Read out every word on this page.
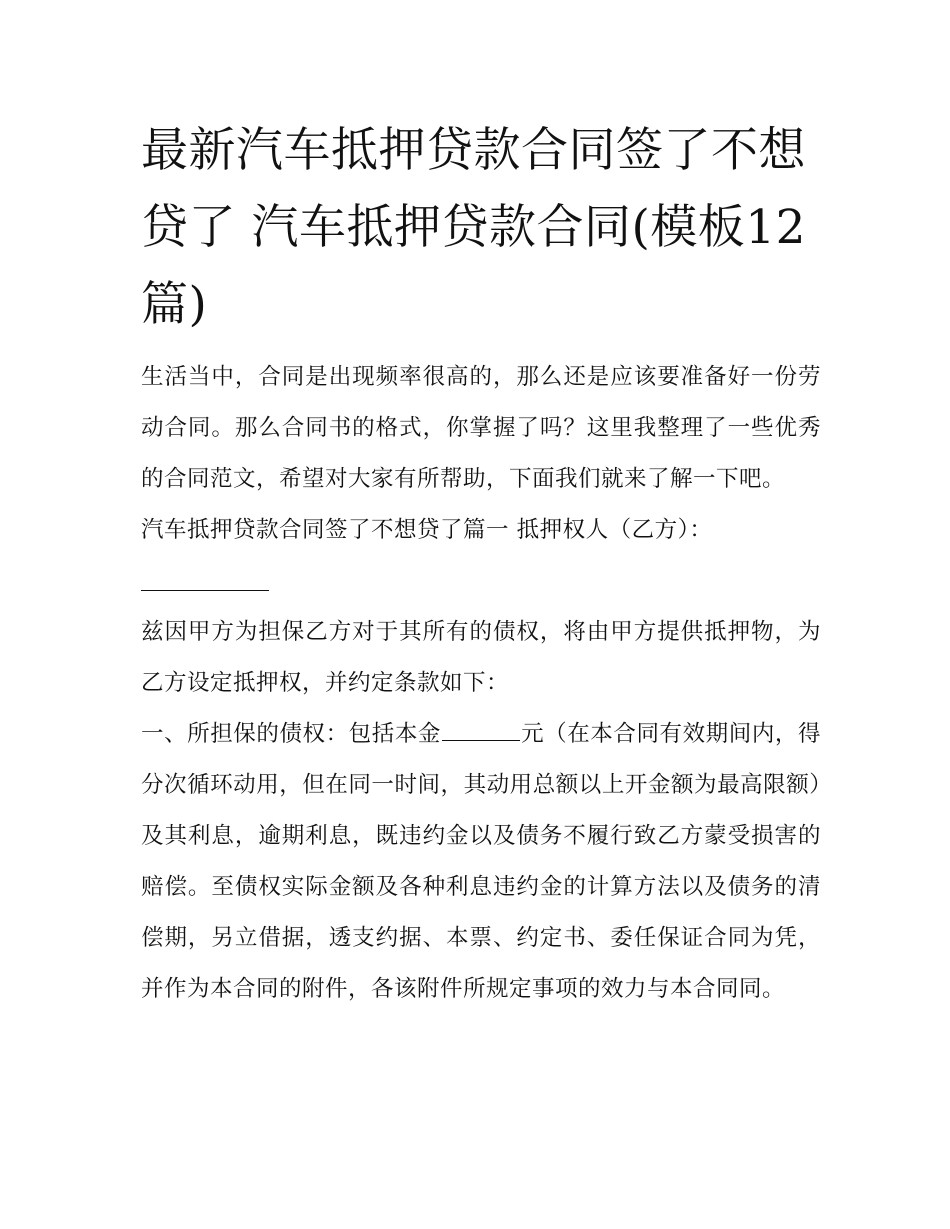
最新汽车抵押贷款合同签了不想贷了 汽车抵押贷款合同(模板12篇)

生活当中，合同是出现频率很高的，那么还是应该要准备好一份劳动合同。那么合同书的格式，你掌握了吗？这里我整理了一些优秀的合同范文，希望对大家有所帮助，下面我们就来了解一下吧。

汽车抵押贷款合同签了不想贷了篇一 抵押权人（乙方）：

兹因甲方为担保乙方对于其所有的债权，将由甲方提供抵押物，为乙方设定抵押权，并约定条款如下：

一、所担保的债权：包括本金	元（在本合同有效期间内，得分次循环动用，但在同一时间，其动用总额以上开金额为最高限额）及其利息，逾期利息，既违约金以及债务不履行致乙方蒙受损害的赔偿。至债权实际金额及各种利息违约金的计算方法以及债务的清偿期，另立借据，透支约据、本票、约定书、委任保证合同为凭，并作为本合同的附件，各该附件所规定事项的效力与本合同同。
